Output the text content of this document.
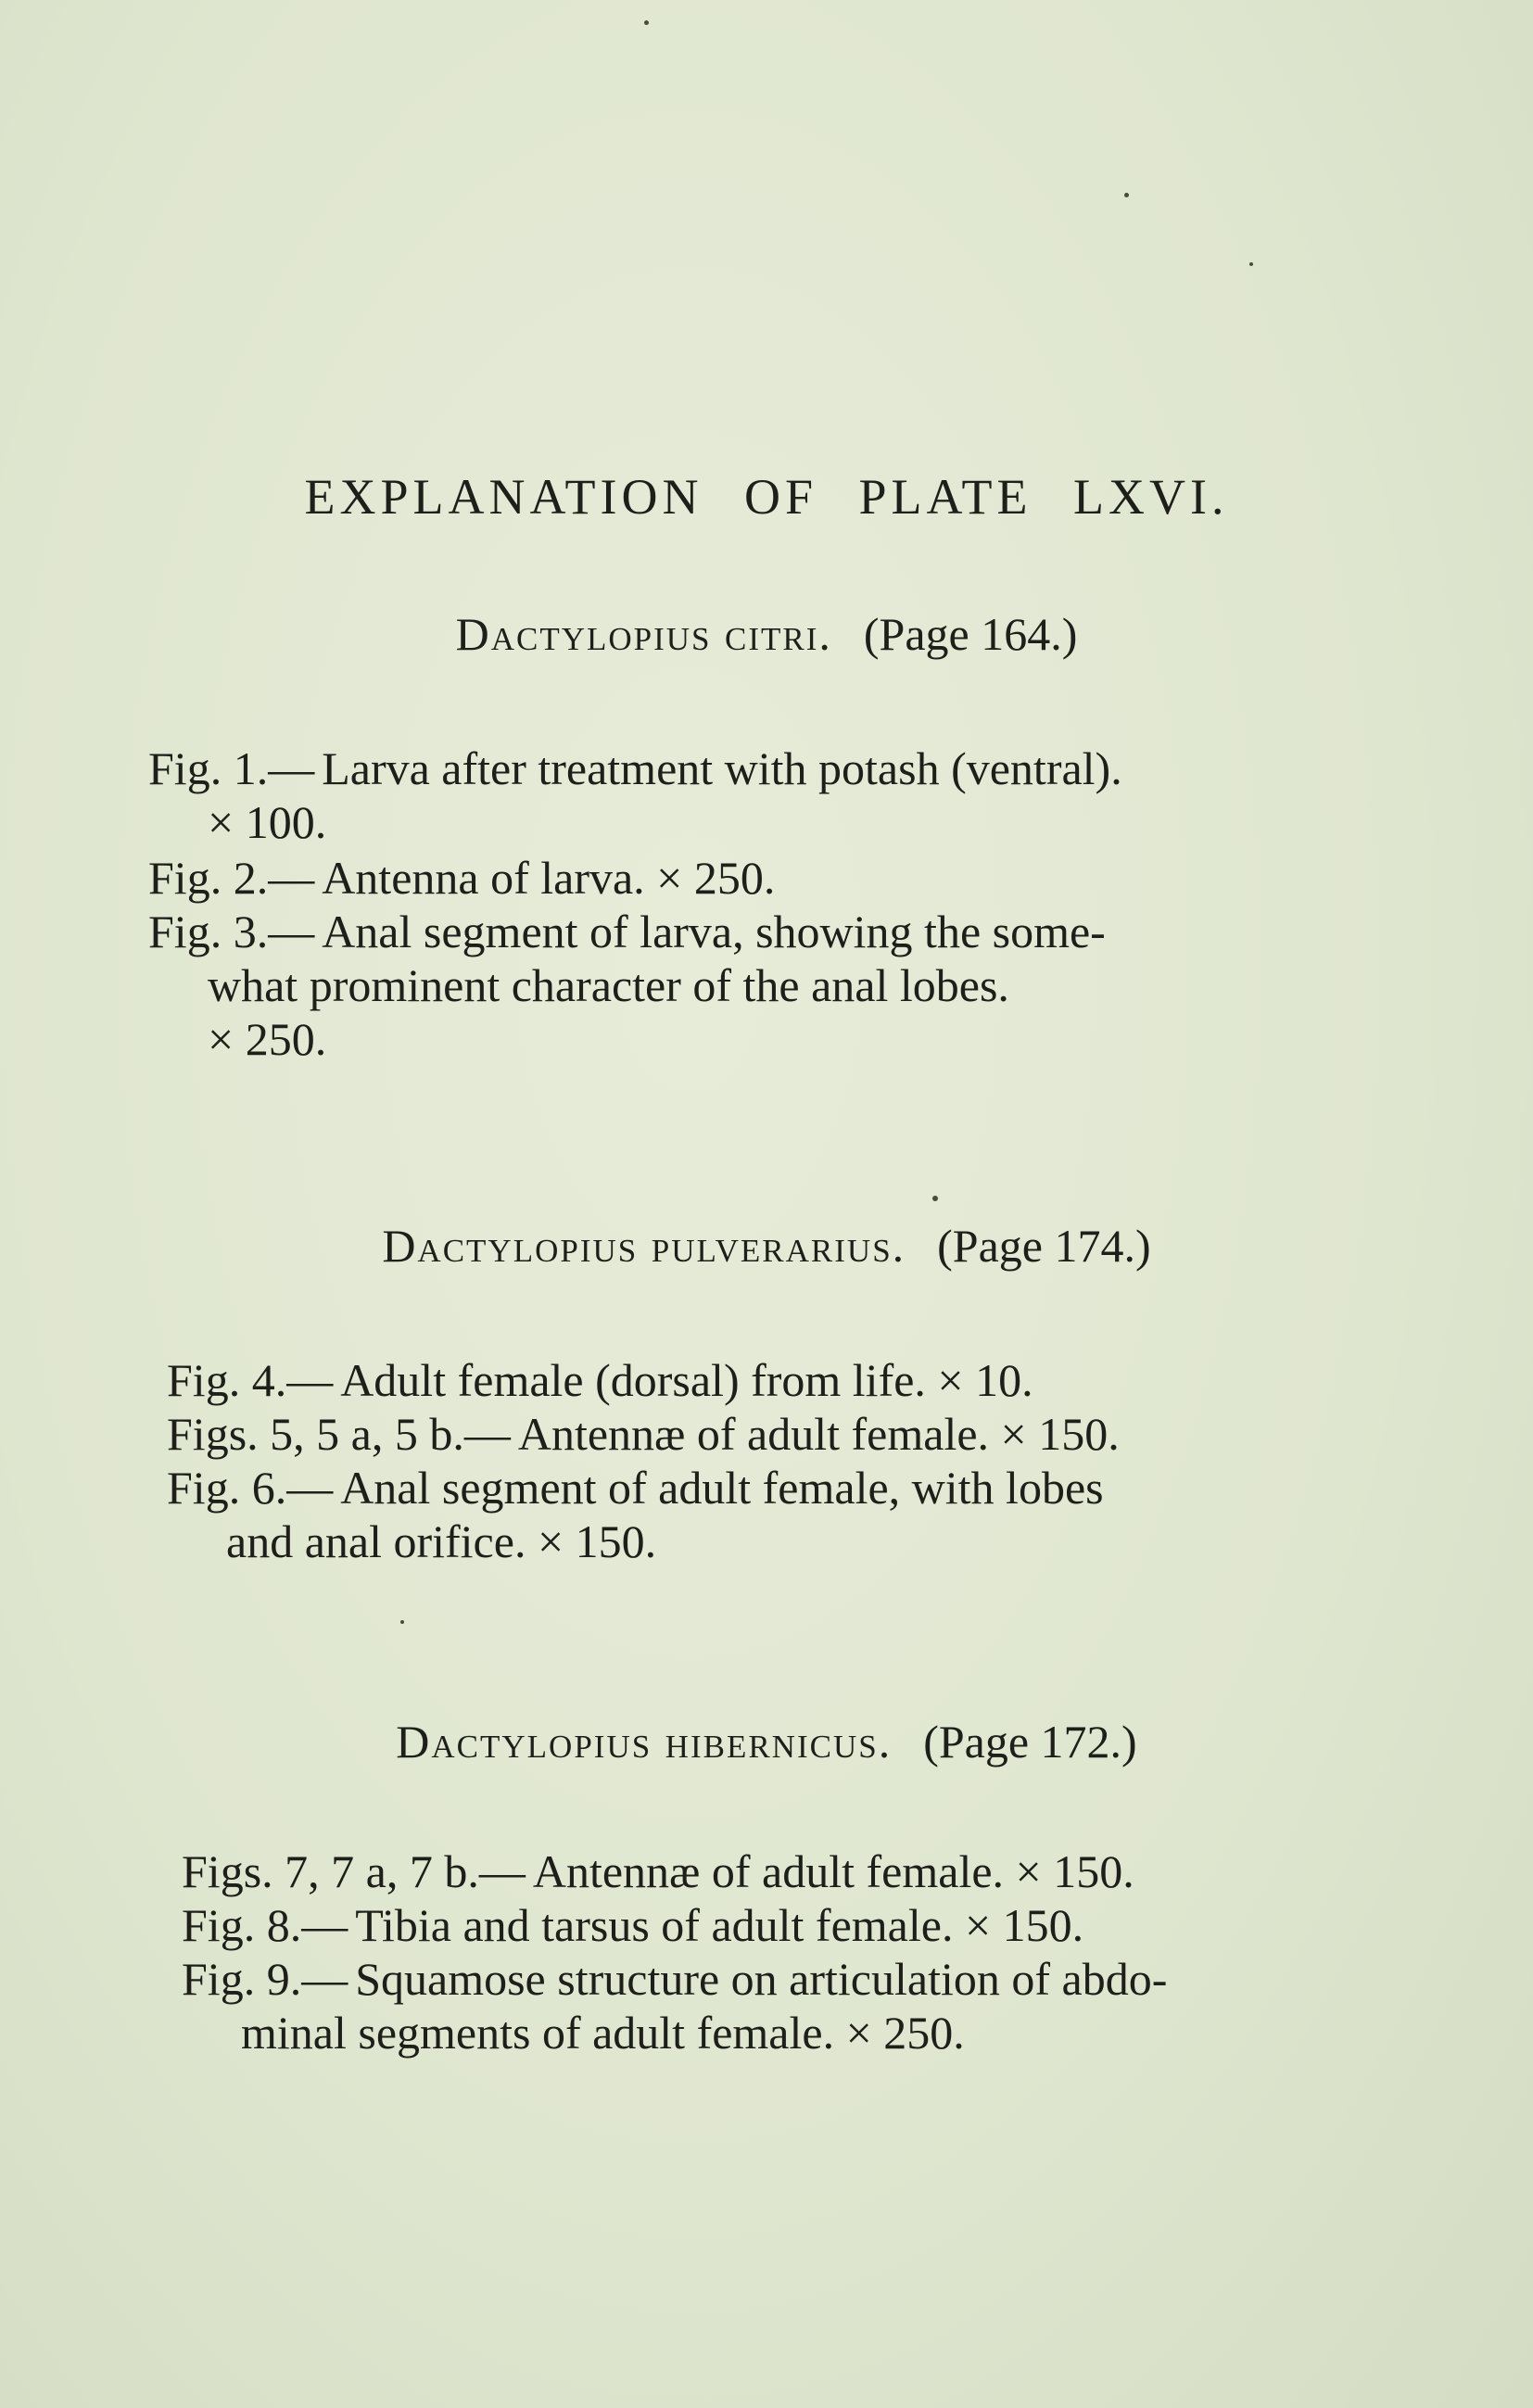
EXPLANATION OF PLATE LXVI.
Dactylopius citri. (Page 164.)

Fig. 1.— Larva after treatment with potash (ventral).
× 100.

Fig. 2.— Antenna of larva. × 250.

Fig. 3.— Anal segment of larva, showing the some-
what prominent character of the anal lobes.
× 250.

Dactylopius pulverarius. (Page 174.)

Fig. 4.— Adult female (dorsal) from life. × 10.

Figs. 5, 5 a, 5 b.— Antennæ of adult female. × 150.

Fig. 6.— Anal segment of adult female, with lobes
and anal orifice. × 150.

Dactylopius hibernicus. (Page 172.)

Figs. 7, 7 a, 7 b.— Antennæ of adult female. × 150.

Fig. 8.— Tibia and tarsus of adult female. × 150.

Fig. 9.— Squamose structure on articulation of abdo-
minal segments of adult female. × 250.
